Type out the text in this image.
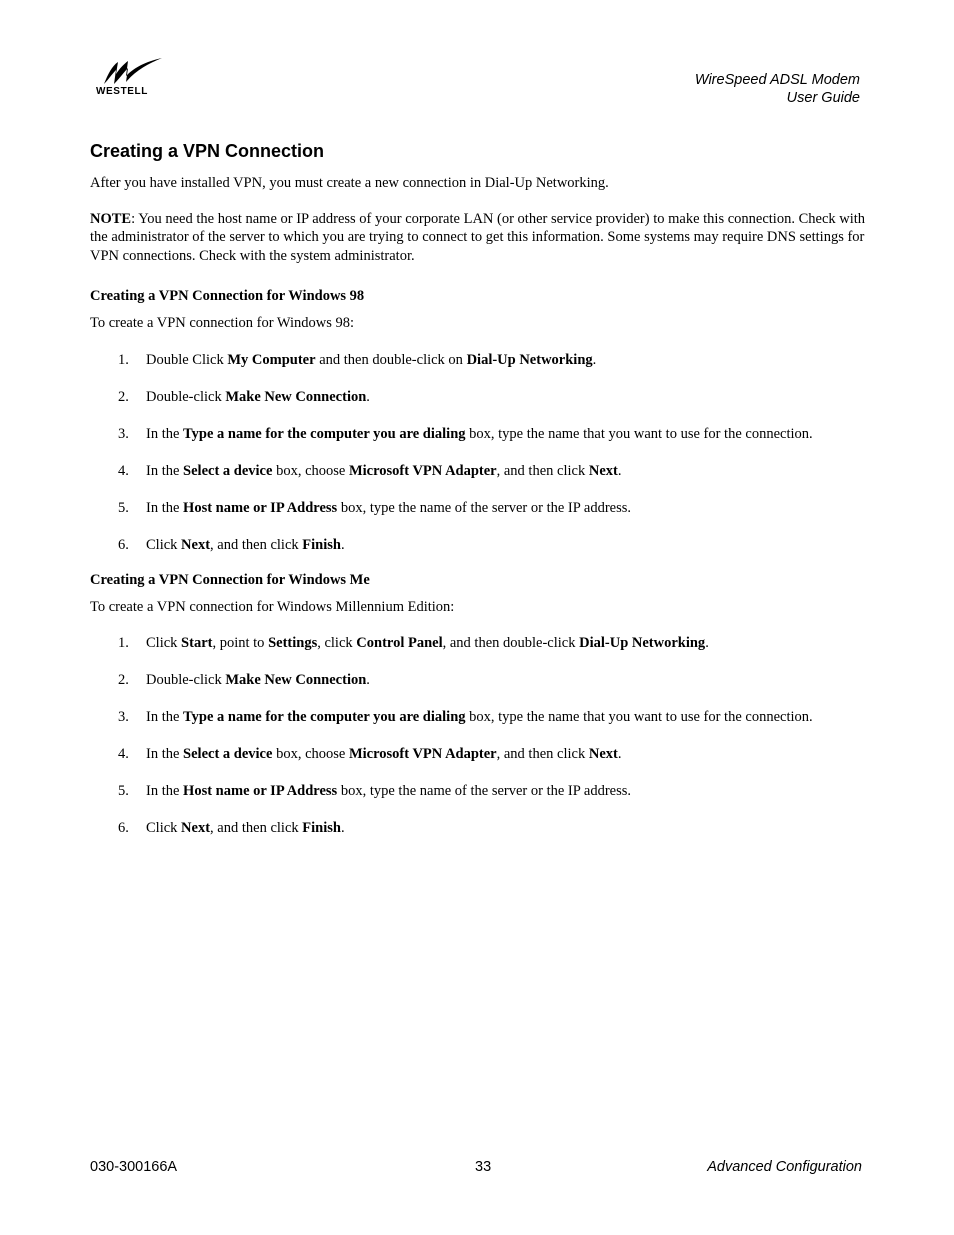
WESTELL
WireSpeed ADSL Modem
User Guide
Creating a VPN Connection

After you have installed VPN, you must create a new connection in Dial-Up Networking.

NOTE: You need the host name or IP address of your corporate LAN (or other service provider) to make this connection. Check with the administrator of the server to which you are trying to connect to get this information. Some systems may require DNS settings for VPN connections. Check with the system administrator.

Creating a VPN Connection for Windows 98

To create a VPN connection for Windows 98:

1. Double Click My Computer and then double-click on Dial-Up Networking.
2. Double-click Make New Connection.
3. In the Type a name for the computer you are dialing box, type the name that you want to use for the connection.
4. In the Select a device box, choose Microsoft VPN Adapter, and then click Next.
5. In the Host name or IP Address box, type the name of the server or the IP address.
6. Click Next, and then click Finish.
Creating a VPN Connection for Windows Me

To create a VPN connection for Windows Millennium Edition:

1. Click Start, point to Settings, click Control Panel, and then double-click Dial-Up Networking.
2. Double-click Make New Connection.
3. In the Type a name for the computer you are dialing box, type the name that you want to use for the connection.
4. In the Select a device box, choose Microsoft VPN Adapter, and then click Next.
5. In the Host name or IP Address box, type the name of the server or the IP address.
6. Click Next, and then click Finish.
030-300166A	33	Advanced Configuration
